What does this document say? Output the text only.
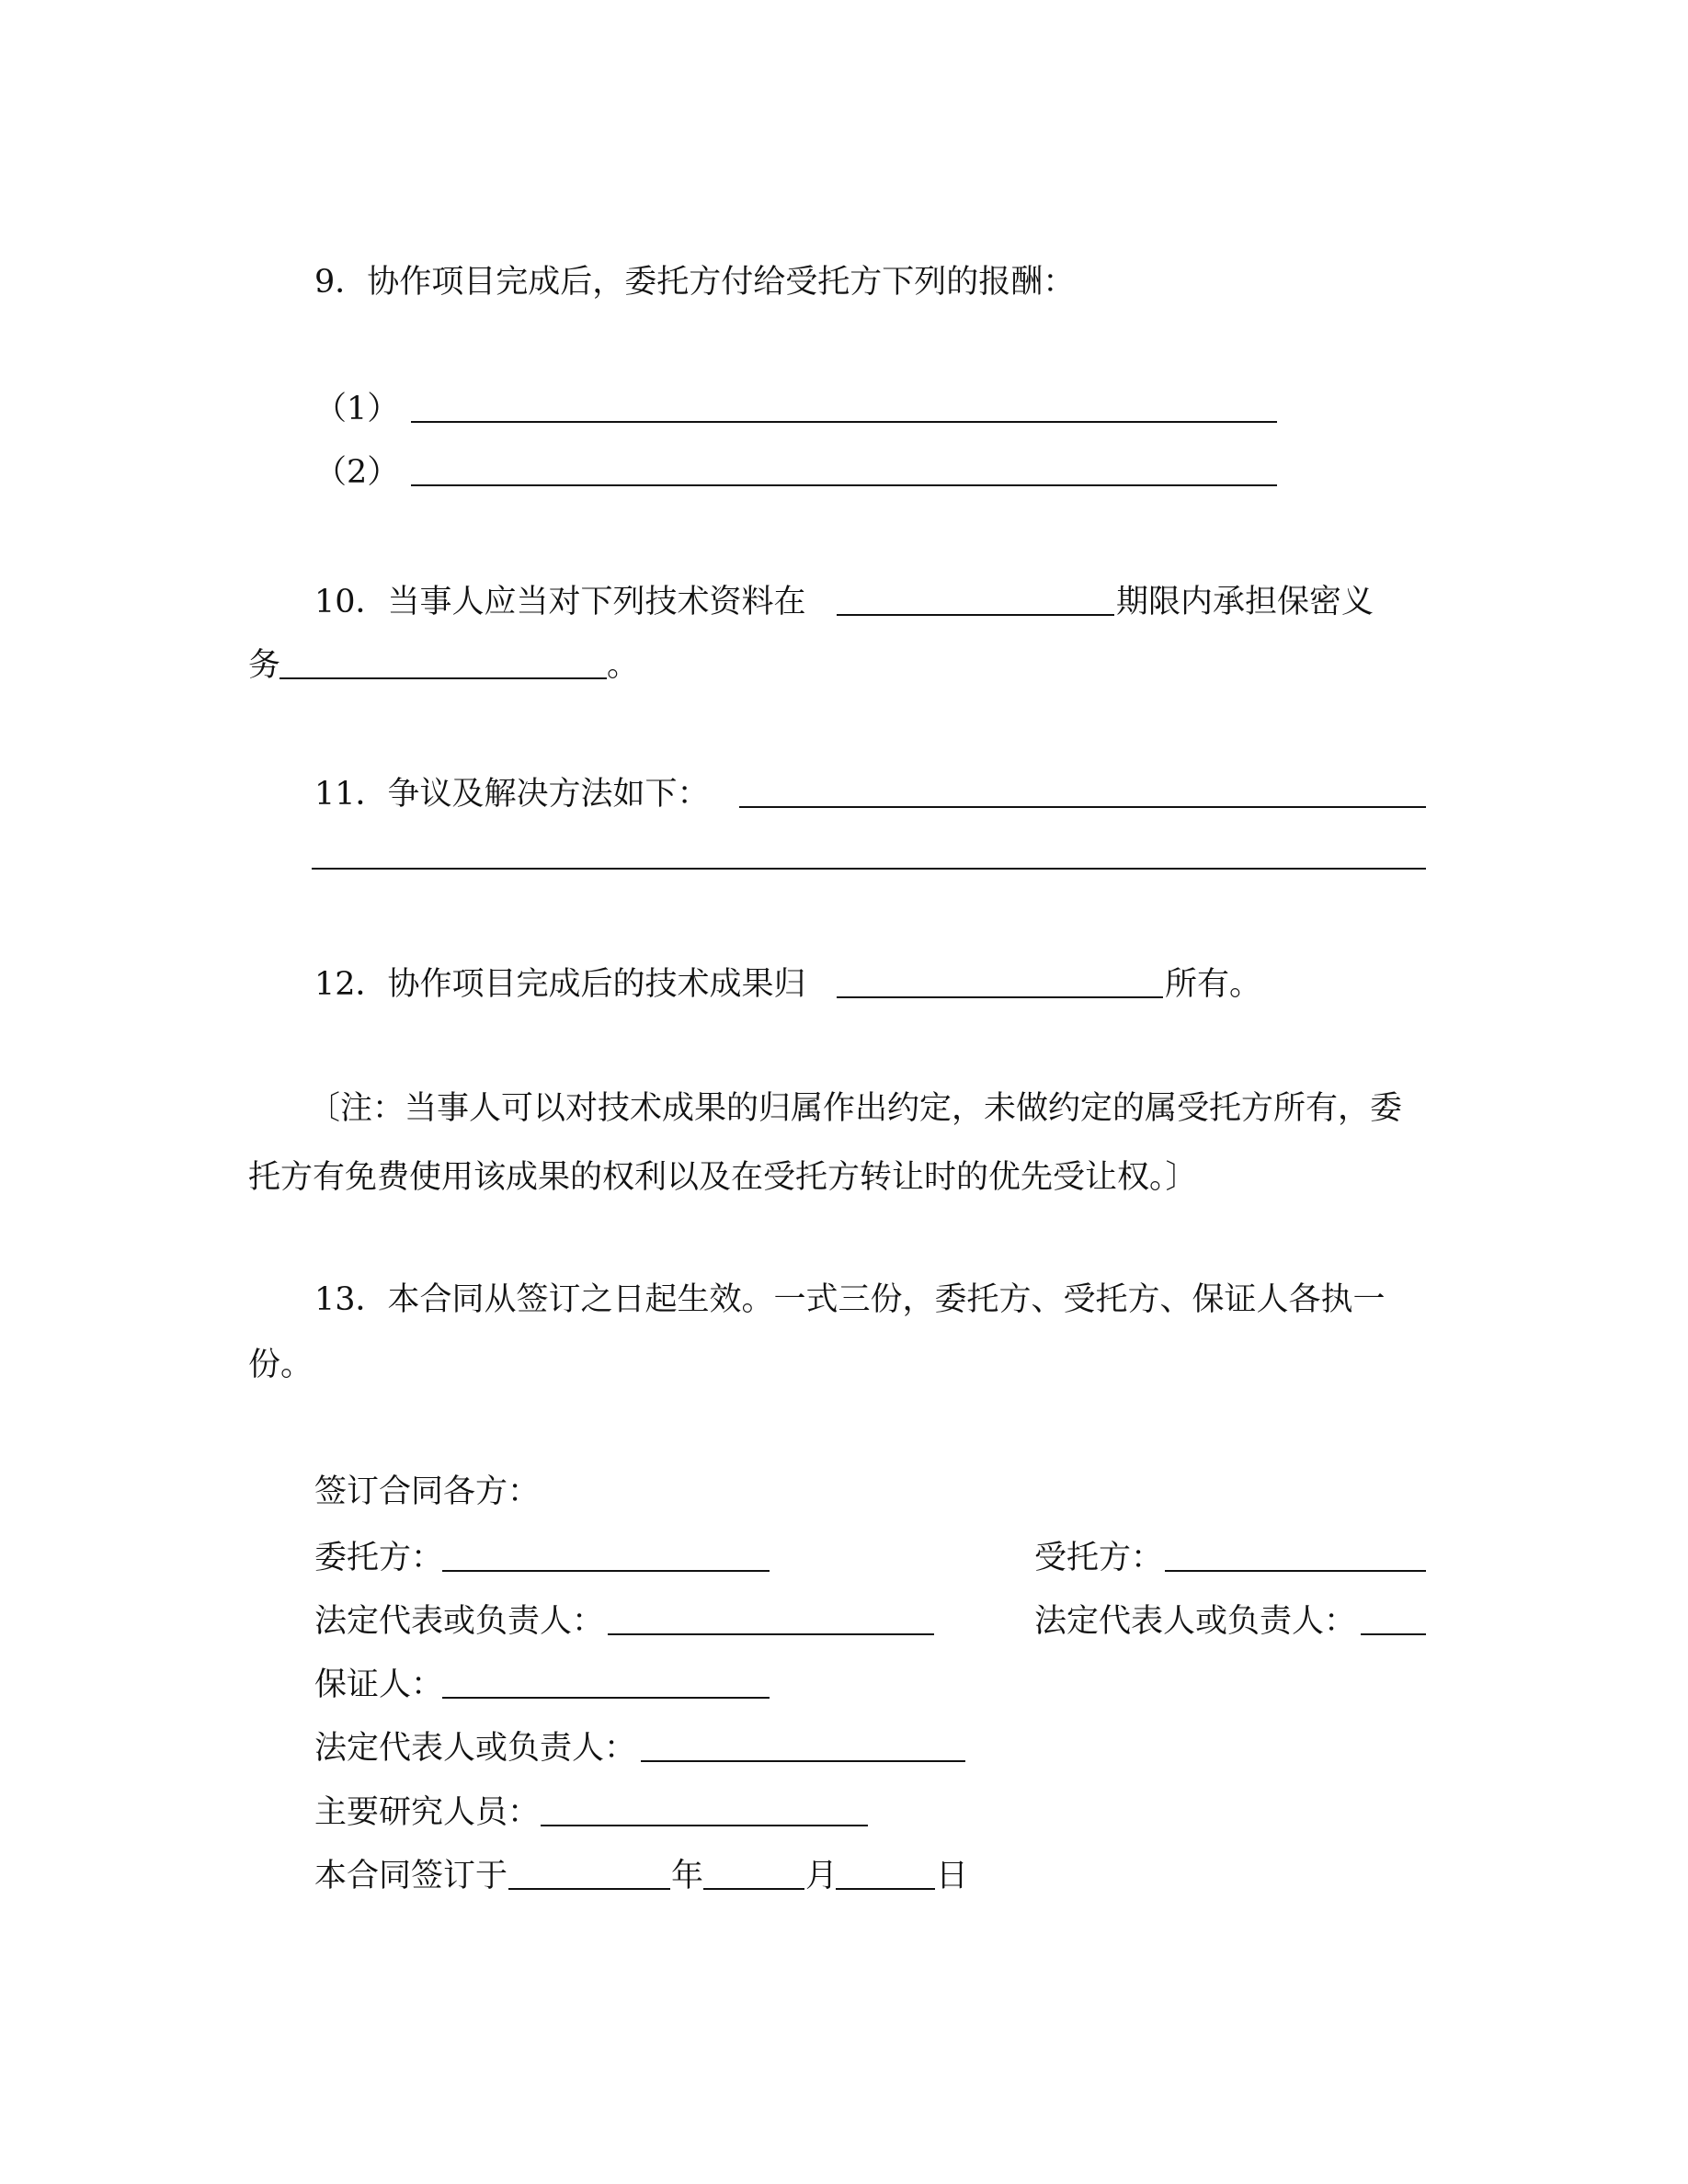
9．协作项目完成后，委托方付给受托方下列的报酬：
（1）
（2）
10．当事人应当对下列技术资料在	期限内承担保密义
务	。
11．争议及解决方法如下：
12．协作项目完成后的技术成果归	所有。
〔注：当事人可以对技术成果的归属作出约定，未做约定的属受托方所有，委
托方有免费使用该成果的权利以及在受托方转让时的优先受让权。〕
13．本合同从签订之日起生效。一式三份，委托方、受托方、保证人各执一
份。
签订合同各方：
委托方：	受托方：
法定代表或负责人：	法定代表人或负责人：
保证人：
法定代表人或负责人：
主要研究人员：
本合同签订于	年	月	日
